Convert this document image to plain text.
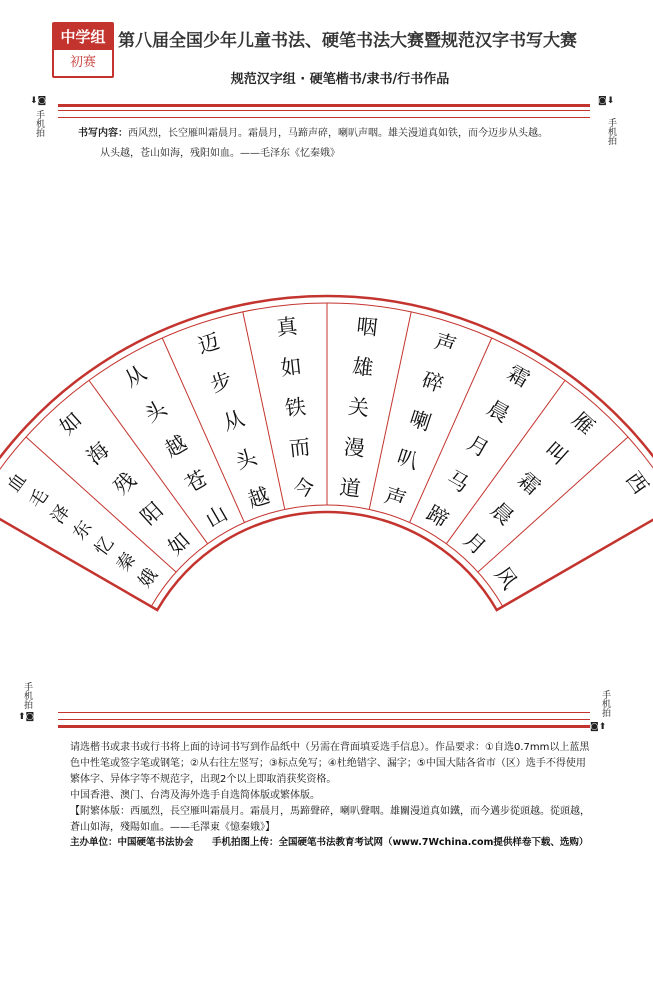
中学组
初赛
第八届全国少年儿童书法、硬笔书法大赛暨规范汉字书写大赛
规范汉字组 · 硬笔楷书/隶书/行书作品
⬇◙
手机拍
◙⬇
手机拍
手机拍
⬆◙	手机拍
◙⬆
书写内容：西风烈，长空雁叫霜晨月。霜晨月，马蹄声碎，喇叭声咽。雄关漫道真如铁，而今迈步从头越。
从头越，苍山如海，残阳如血。——毛泽东《忆秦娥》
西
风
雁
叫
霜
晨
月
霜
晨
月
马
蹄
声
碎
喇
叭
声
咽
雄
关
漫
道
真
如
铁
而
今
迈
步
从
头
越
从
头
越
苍
山
如
海
残
阳
如
血
毛
泽
东
忆
秦
娥
请选楷书或隶书或行书将上面的诗词书写到作品纸中（另需在背面填妥选手信息）。作品要求：①自选0.7mm以上蓝黑色中性笔或签字笔或钢笔；②从右往左竖写；③标点免写；④杜绝错字、漏字；⑤中国大陆各省市（区）选手不得使用繁体字、异体字等不规范字，出现2个以上即取消获奖资格。
中国香港、澳门、台湾及海外选手自选简体版或繁体版。
【附繁体版：西風烈，長空雁叫霜晨月。霜晨月，馬蹄聲碎，喇叭聲咽。雄關漫道真如鐵，而今邁步從頭越。從頭越，蒼山如海，殘陽如血。——毛澤東《憶秦娥》】
主办单位：中国硬笔书法协会 手机拍图上传：全国硬笔书法教育考试网（www.7Wchina.com提供样卷下载、选购）
